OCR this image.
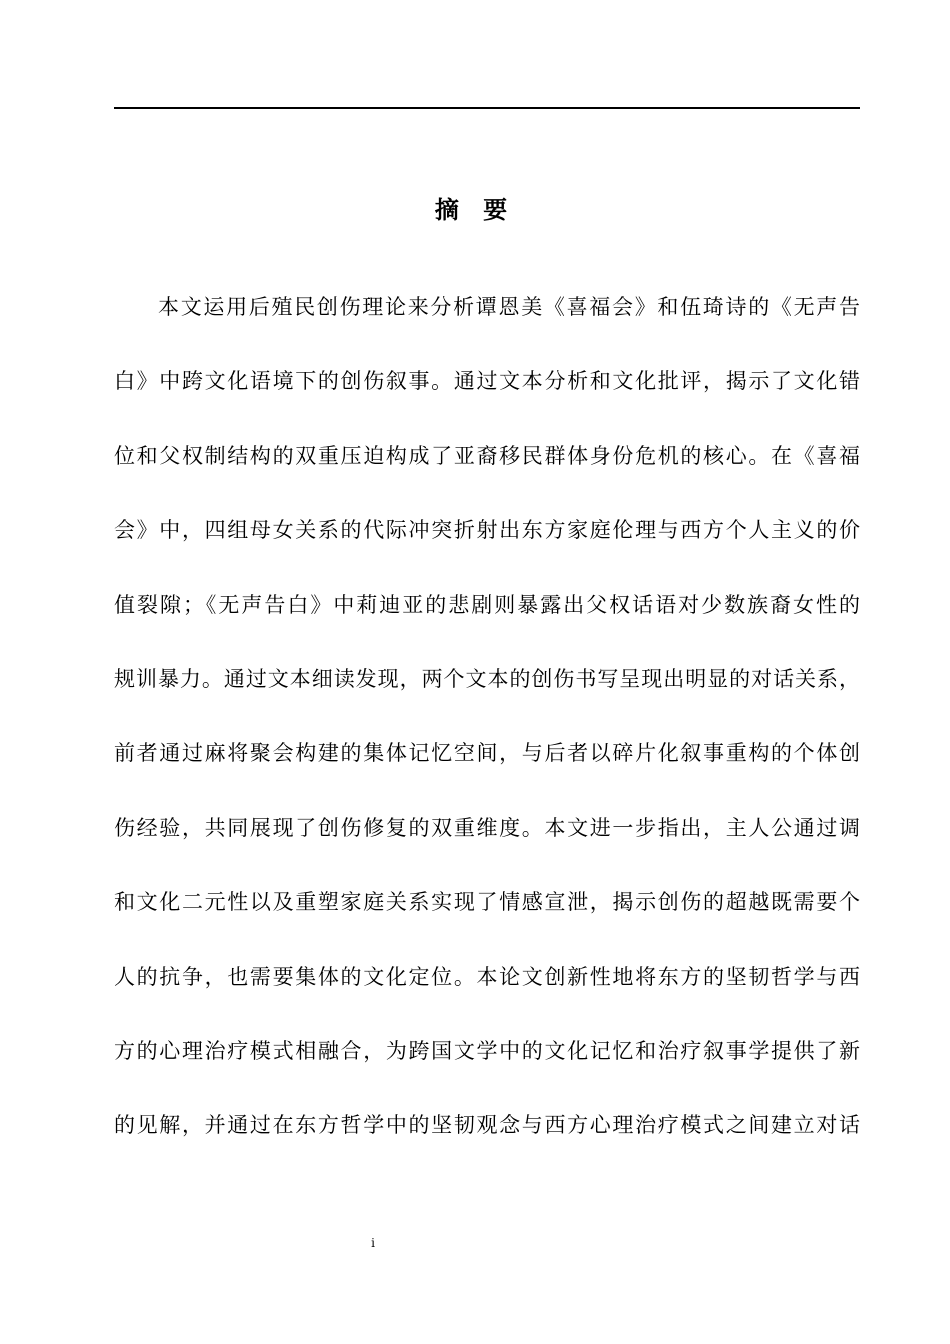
摘 要
本文运用后殖民创伤理论来分析谭恩美《喜福会》和伍琦诗的《无声告
白》中跨文化语境下的创伤叙事。通过文本分析和文化批评，揭示了文化错
位和父权制结构的双重压迫构成了亚裔移民群体身份危机的核心。在《喜福
会》中，四组母女关系的代际冲突折射出东方家庭伦理与西方个人主义的价
值裂隙；《无声告白》中莉迪亚的悲剧则暴露出父权话语对少数族裔女性的
规训暴力。通过文本细读发现，两个文本的创伤书写呈现出明显的对话关系，
前者通过麻将聚会构建的集体记忆空间，与后者以碎片化叙事重构的个体创
伤经验，共同展现了创伤修复的双重维度。本文进一步指出，主人公通过调
和文化二元性以及重塑家庭关系实现了情感宣泄，揭示创伤的超越既需要个
人的抗争，也需要集体的文化定位。本论文创新性地将东方的坚韧哲学与西
方的心理治疗模式相融合，为跨国文学中的文化记忆和治疗叙事学提供了新
的见解，并通过在东方哲学中的坚韧观念与西方心理治疗模式之间建立对话
i
